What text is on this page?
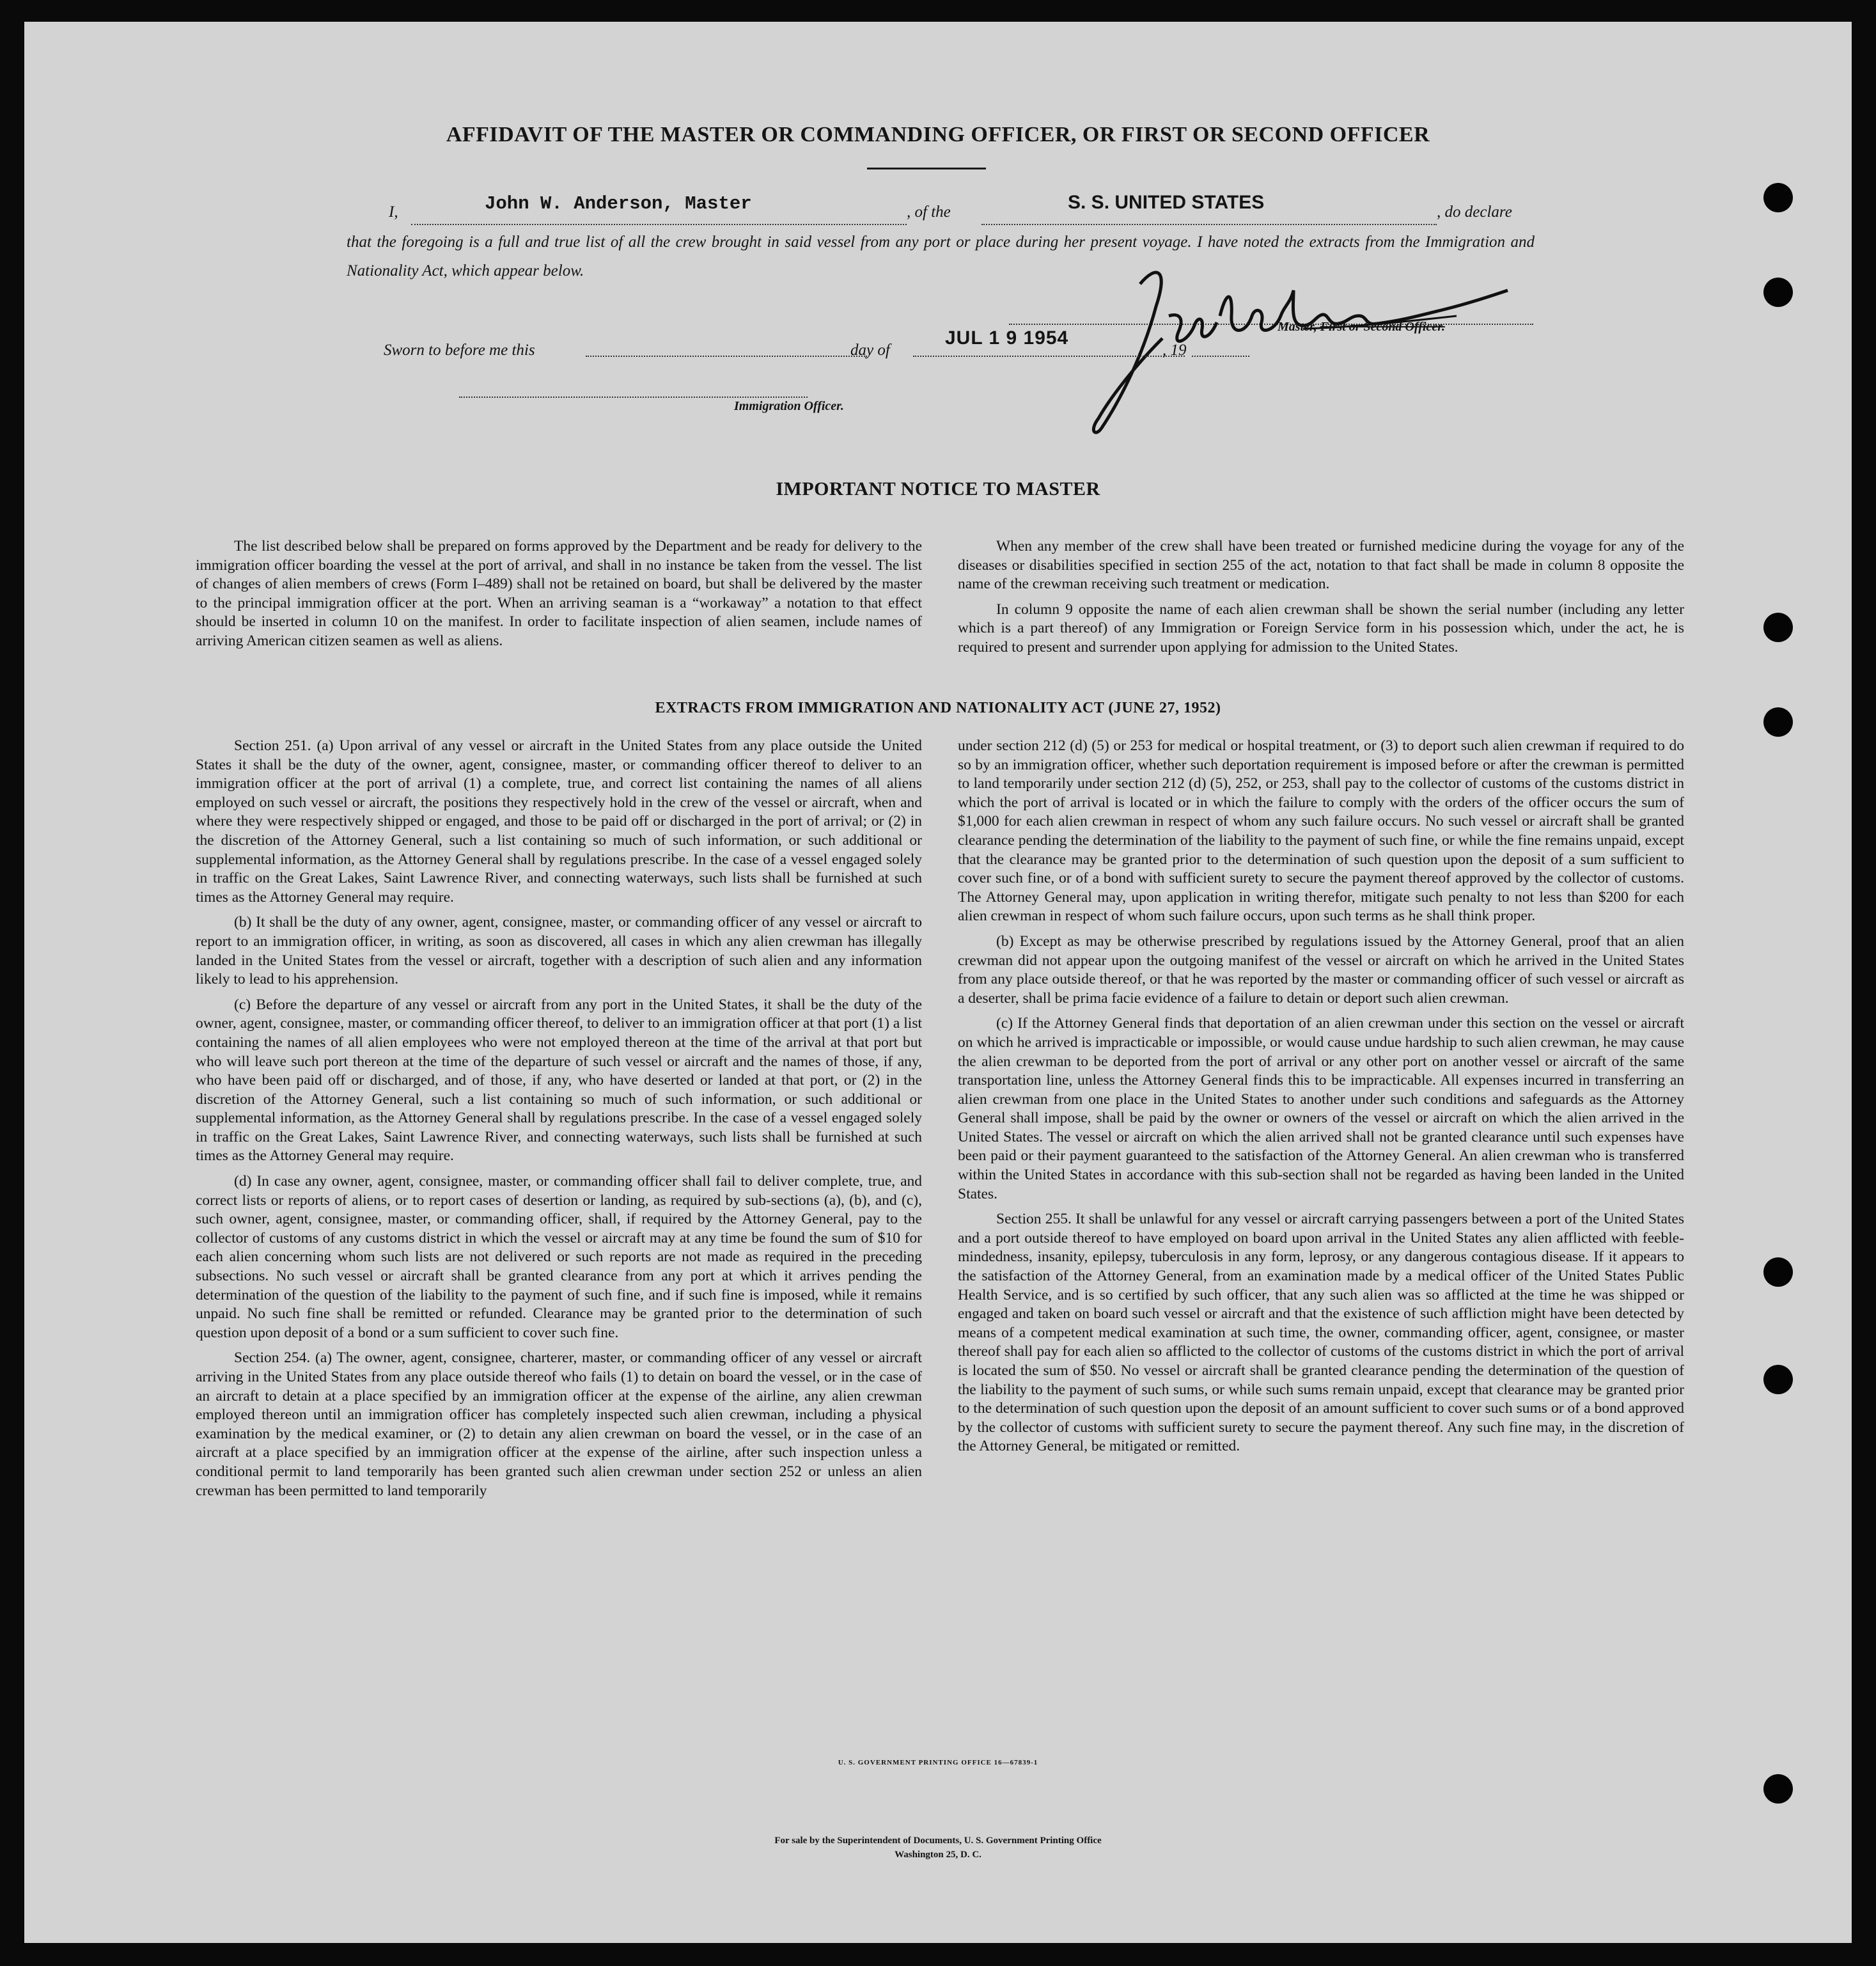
AFFIDAVIT OF THE MASTER OR COMMANDING OFFICER, OR FIRST OR SECOND OFFICER
I,	John W. Anderson, Master	, of the	S. S. UNITED STATES	, do declare
that the foregoing is a full and true list of all the crew brought in said vessel from any port or place during her present voyage. I have noted the extracts from the Immigration and Nationality Act, which appear below.
Master, First or Second Officer.
Sworn to before me this	day of
JUL 1 9 1954
, 19
Immigration Officer.
IMPORTANT NOTICE TO MASTER

The list described below shall be prepared on forms approved by the Department and be ready for delivery to the immigration officer boarding the vessel at the port of arrival, and shall in no instance be taken from the vessel. The list of changes of alien members of crews (Form I–489) shall not be retained on board, but shall be delivered by the master to the principal immigration officer at the port. When an arriving seaman is a “workaway” a notation to that effect should be inserted in column 10 on the manifest. In order to facilitate inspection of alien seamen, include names of arriving American citizen seamen as well as aliens.

When any member of the crew shall have been treated or furnished medicine during the voyage for any of the diseases or disabilities specified in section 255 of the act, notation to that fact shall be made in column 8 opposite the name of the crewman receiving such treatment or medication.

In column 9 opposite the name of each alien crewman shall be shown the serial number (including any letter which is a part thereof) of any Immigration or Foreign Service form in his possession which, under the act, he is required to present and surrender upon applying for admission to the United States.

EXTRACTS FROM IMMIGRATION AND NATIONALITY ACT (JUNE 27, 1952)

Section 251. (a) Upon arrival of any vessel or aircraft in the United States from any place outside the United States it shall be the duty of the owner, agent, consignee, master, or commanding officer thereof to deliver to an immigration officer at the port of arrival (1) a complete, true, and correct list containing the names of all aliens employed on such vessel or aircraft, the positions they respectively hold in the crew of the vessel or aircraft, when and where they were respectively shipped or engaged, and those to be paid off or discharged in the port of arrival; or (2) in the discretion of the Attorney General, such a list containing so much of such information, or such additional or supplemental information, as the Attorney General shall by regulations prescribe. In the case of a vessel engaged solely in traffic on the Great Lakes, Saint Lawrence River, and connecting waterways, such lists shall be furnished at such times as the Attorney General may require.

(b) It shall be the duty of any owner, agent, consignee, master, or commanding officer of any vessel or aircraft to report to an immigration officer, in writing, as soon as discovered, all cases in which any alien crewman has illegally landed in the United States from the vessel or aircraft, together with a description of such alien and any information likely to lead to his apprehension.

(c) Before the departure of any vessel or aircraft from any port in the United States, it shall be the duty of the owner, agent, consignee, master, or commanding officer thereof, to deliver to an immigration officer at that port (1) a list containing the names of all alien employees who were not employed thereon at the time of the arrival at that port but who will leave such port thereon at the time of the departure of such vessel or aircraft and the names of those, if any, who have been paid off or discharged, and of those, if any, who have deserted or landed at that port, or (2) in the discretion of the Attorney General, such a list containing so much of such information, or such additional or supplemental information, as the Attorney General shall by regulations prescribe. In the case of a vessel engaged solely in traffic on the Great Lakes, Saint Lawrence River, and connecting waterways, such lists shall be furnished at such times as the Attorney General may require.

(d) In case any owner, agent, consignee, master, or commanding officer shall fail to deliver complete, true, and correct lists or reports of aliens, or to report cases of desertion or landing, as required by sub-sections (a), (b), and (c), such owner, agent, consignee, master, or commanding officer, shall, if required by the Attorney General, pay to the collector of customs of any customs district in which the vessel or aircraft may at any time be found the sum of $10 for each alien concerning whom such lists are not delivered or such reports are not made as required in the preceding subsections. No such vessel or aircraft shall be granted clearance from any port at which it arrives pending the determination of the question of the liability to the payment of such fine, and if such fine is imposed, while it remains unpaid. No such fine shall be remitted or refunded. Clearance may be granted prior to the determination of such question upon deposit of a bond or a sum sufficient to cover such fine.

Section 254. (a) The owner, agent, consignee, charterer, master, or commanding officer of any vessel or aircraft arriving in the United States from any place outside thereof who fails (1) to detain on board the vessel, or in the case of an aircraft to detain at a place specified by an immigration officer at the expense of the airline, any alien crewman employed thereon until an immigration officer has completely inspected such alien crewman, including a physical examination by the medical examiner, or (2) to detain any alien crewman on board the vessel, or in the case of an aircraft at a place specified by an immigration officer at the expense of the airline, after such inspection unless a conditional permit to land temporarily has been granted such alien crewman under section 252 or unless an alien crewman has been permitted to land temporarily

under section 212 (d) (5) or 253 for medical or hospital treatment, or (3) to deport such alien crewman if required to do so by an immigration officer, whether such deportation requirement is imposed before or after the crewman is permitted to land temporarily under section 212 (d) (5), 252, or 253, shall pay to the collector of customs of the customs district in which the port of arrival is located or in which the failure to comply with the orders of the officer occurs the sum of $1,000 for each alien crewman in respect of whom any such failure occurs. No such vessel or aircraft shall be granted clearance pending the determination of the liability to the payment of such fine, or while the fine remains unpaid, except that the clearance may be granted prior to the determination of such question upon the deposit of a sum sufficient to cover such fine, or of a bond with sufficient surety to secure the payment thereof approved by the collector of customs. The Attorney General may, upon application in writing therefor, mitigate such penalty to not less than $200 for each alien crewman in respect of whom such failure occurs, upon such terms as he shall think proper.

(b) Except as may be otherwise prescribed by regulations issued by the Attorney General, proof that an alien crewman did not appear upon the outgoing manifest of the vessel or aircraft on which he arrived in the United States from any place outside thereof, or that he was reported by the master or commanding officer of such vessel or aircraft as a deserter, shall be prima facie evidence of a failure to detain or deport such alien crewman.

(c) If the Attorney General finds that deportation of an alien crewman under this section on the vessel or aircraft on which he arrived is impracticable or impossible, or would cause undue hardship to such alien crewman, he may cause the alien crewman to be deported from the port of arrival or any other port on another vessel or aircraft of the same transportation line, unless the Attorney General finds this to be impracticable. All expenses incurred in transferring an alien crewman from one place in the United States to another under such conditions and safeguards as the Attorney General shall impose, shall be paid by the owner or owners of the vessel or aircraft on which the alien arrived in the United States. The vessel or aircraft on which the alien arrived shall not be granted clearance until such expenses have been paid or their payment guaranteed to the satisfaction of the Attorney General. An alien crewman who is transferred within the United States in accordance with this sub-section shall not be regarded as having been landed in the United States.

Section 255. It shall be unlawful for any vessel or aircraft carrying passengers between a port of the United States and a port outside thereof to have employed on board upon arrival in the United States any alien afflicted with feeble-mindedness, insanity, epilepsy, tuberculosis in any form, leprosy, or any dangerous contagious disease. If it appears to the satisfaction of the Attorney General, from an examination made by a medical officer of the United States Public Health Service, and is so certified by such officer, that any such alien was so afflicted at the time he was shipped or engaged and taken on board such vessel or aircraft and that the existence of such affliction might have been detected by means of a competent medical examination at such time, the owner, commanding officer, agent, consignee, or master thereof shall pay for each alien so afflicted to the collector of customs of the customs district in which the port of arrival is located the sum of $50. No vessel or aircraft shall be granted clearance pending the determination of the question of the liability to the payment of such sums, or while such sums remain unpaid, except that clearance may be granted prior to the determination of such question upon the deposit of an amount sufficient to cover such sums or of a bond approved by the collector of customs with sufficient surety to secure the payment thereof. Any such fine may, in the discretion of the Attorney General, be mitigated or remitted.

U. S. GOVERNMENT PRINTING OFFICE 16—67839-1
For sale by the Superintendent of Documents, U. S. Government Printing Office
Washington 25, D. C.
